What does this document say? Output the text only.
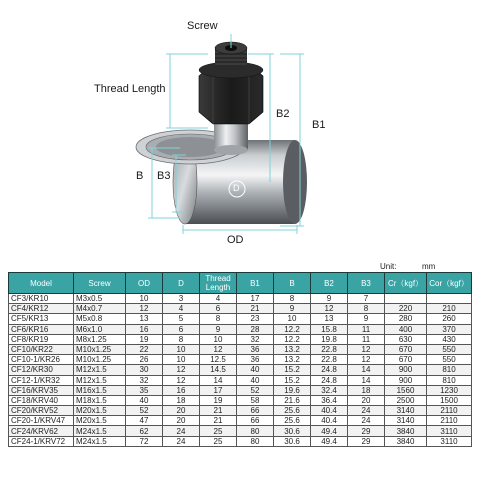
Screw
Thread Length
B2
B1
B B3
D
OD
Unit:	mm
Model	Screw	OD	D	Thread Length	B1	B	B2	B3	Cr（kgf）	Cor（kgf）
CF3/KR10	M3x0.5	10	3	4	17	8	9	7		
CF4/KR12	M4x0.7	12	4	6	21	9	12	8	220	210
CF5/KR13	M5x0.8	13	5	8	23	10	13	9	280	260
CF6/KR16	M6x1.0	16	6	9	28	12.2	15.8	11	400	370
CF8/KR19	M8x1.25	19	8	10	32	12.2	19.8	11	630	430
CF10/KR22	M10x1.25	22	10	12	36	13.2	22.8	12	670	550
CF10-1/KR26	M10x1.25	26	10	12.5	36	13.2	22.8	12	670	550
CF12/KR30	M12x1.5	30	12	14.5	40	15.2	24.8	14	900	810
CF12-1/KR32	M12x1.5	32	12	14	40	15.2	24.8	14	900	810
CF16/KRV35	M16x1.5	35	16	17	52	19.6	32.4	18	1560	1230
CF18/KRV40	M18x1.5	40	18	19	58	21.6	36.4	20	2500	1500
CF20/KRV52	M20x1.5	52	20	21	66	25.6	40.4	24	3140	2110
CF20-1/KRV47	M20x1.5	47	20	21	66	25.6	40.4	24	3140	2110
CF24/KRV62	M24x1.5	62	24	25	80	30.6	49.4	29	3840	3110
CF24-1/KRV72	M24x1.5	72	24	25	80	30.6	49.4	29	3840	3110
